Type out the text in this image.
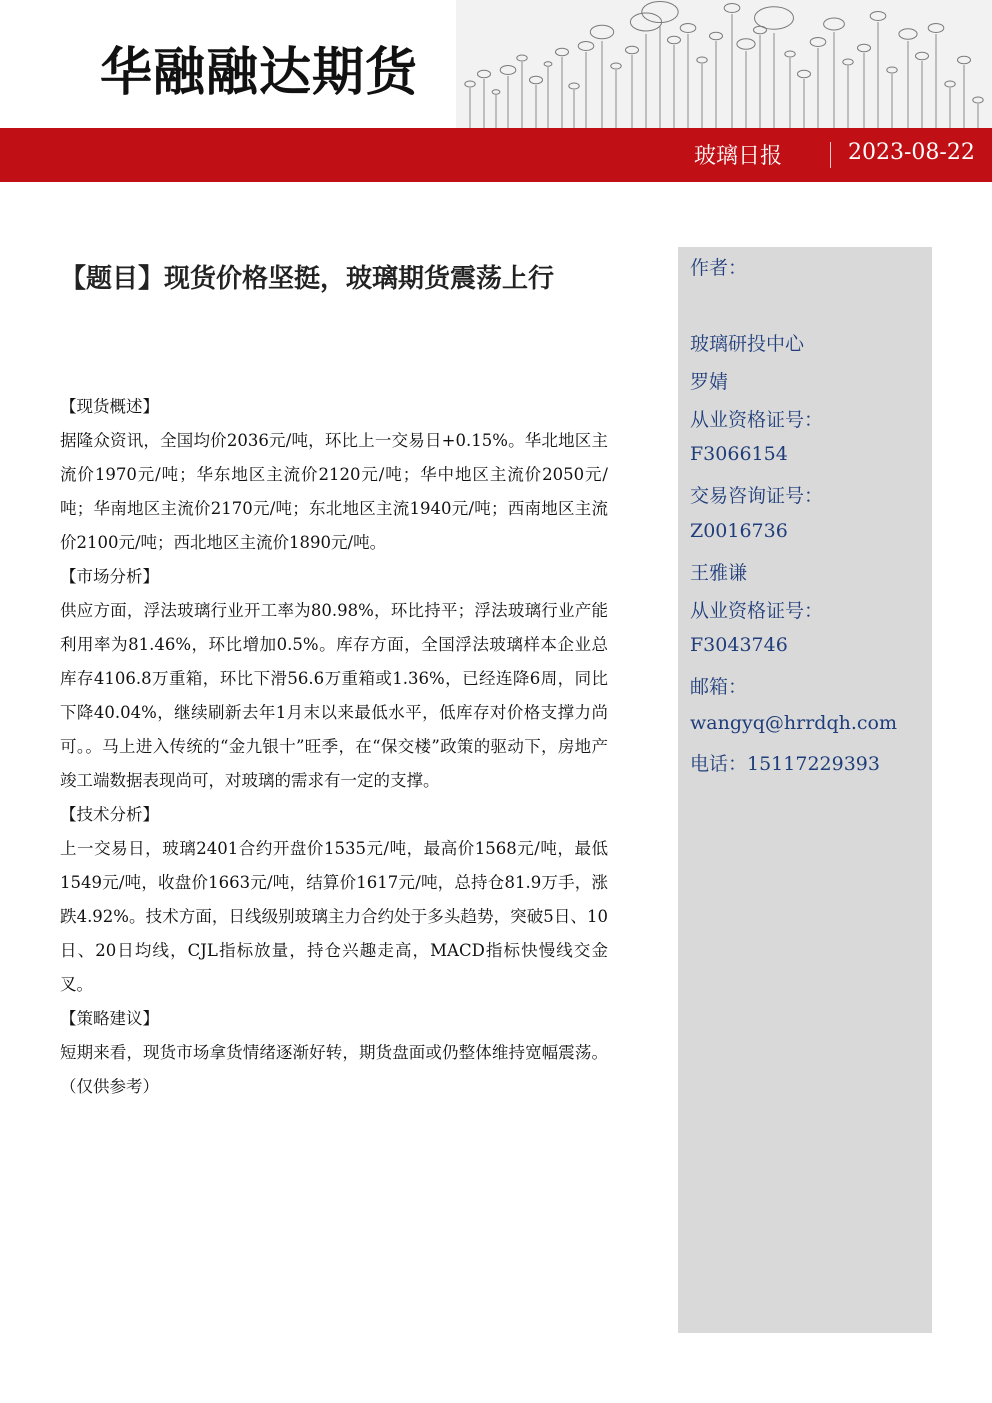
华融融达期货
玻璃日报	2023-08-22
【题目】现货价格坚挺，玻璃期货震荡上行
【现货概述】

据隆众资讯，全国均价2036元/吨，环比上一交易日+0.15%。华北地区主流价1970元/吨；华东地区主流价2120元/吨；华中地区主流价2050元/吨；华南地区主流价2170元/吨；东北地区主流1940元/吨；西南地区主流价2100元/吨；西北地区主流价1890元/吨。

【市场分析】

供应方面，浮法玻璃行业开工率为80.98%，环比持平；浮法玻璃行业产能利用率为81.46%，环比增加0.5%。库存方面，全国浮法玻璃样本企业总库存4106.8万重箱，环比下滑56.6万重箱或1.36%，已经连降6周，同比下降40.04%，继续刷新去年1月末以来最低水平，低库存对价格支撑力尚可。。马上进入传统的“金九银十”旺季，在“保交楼”政策的驱动下，房地产竣工端数据表现尚可，对玻璃的需求有一定的支撑。

【技术分析】

上一交易日，玻璃2401合约开盘价1535元/吨，最高价1568元/吨，最低1549元/吨，收盘价1663元/吨，结算价1617元/吨，总持仓81.9万手，涨跌4.92%。技术方面，日线级别玻璃主力合约处于多头趋势，突破5日、10日、20日均线，CJL指标放量，持仓兴趣走高，MACD指标快慢线交金叉。

【策略建议】

短期来看，现货市场拿货情绪逐渐好转，期货盘面或仍整体维持宽幅震荡。（仅供参考）

作者：
玻璃研投中心
罗婧
从业资格证号：
F3066154
交易咨询证号：
Z0016736
王雅谦
从业资格证号：
F3043746
邮箱：
wangyq@hrrdqh.com
电话：15117229393
